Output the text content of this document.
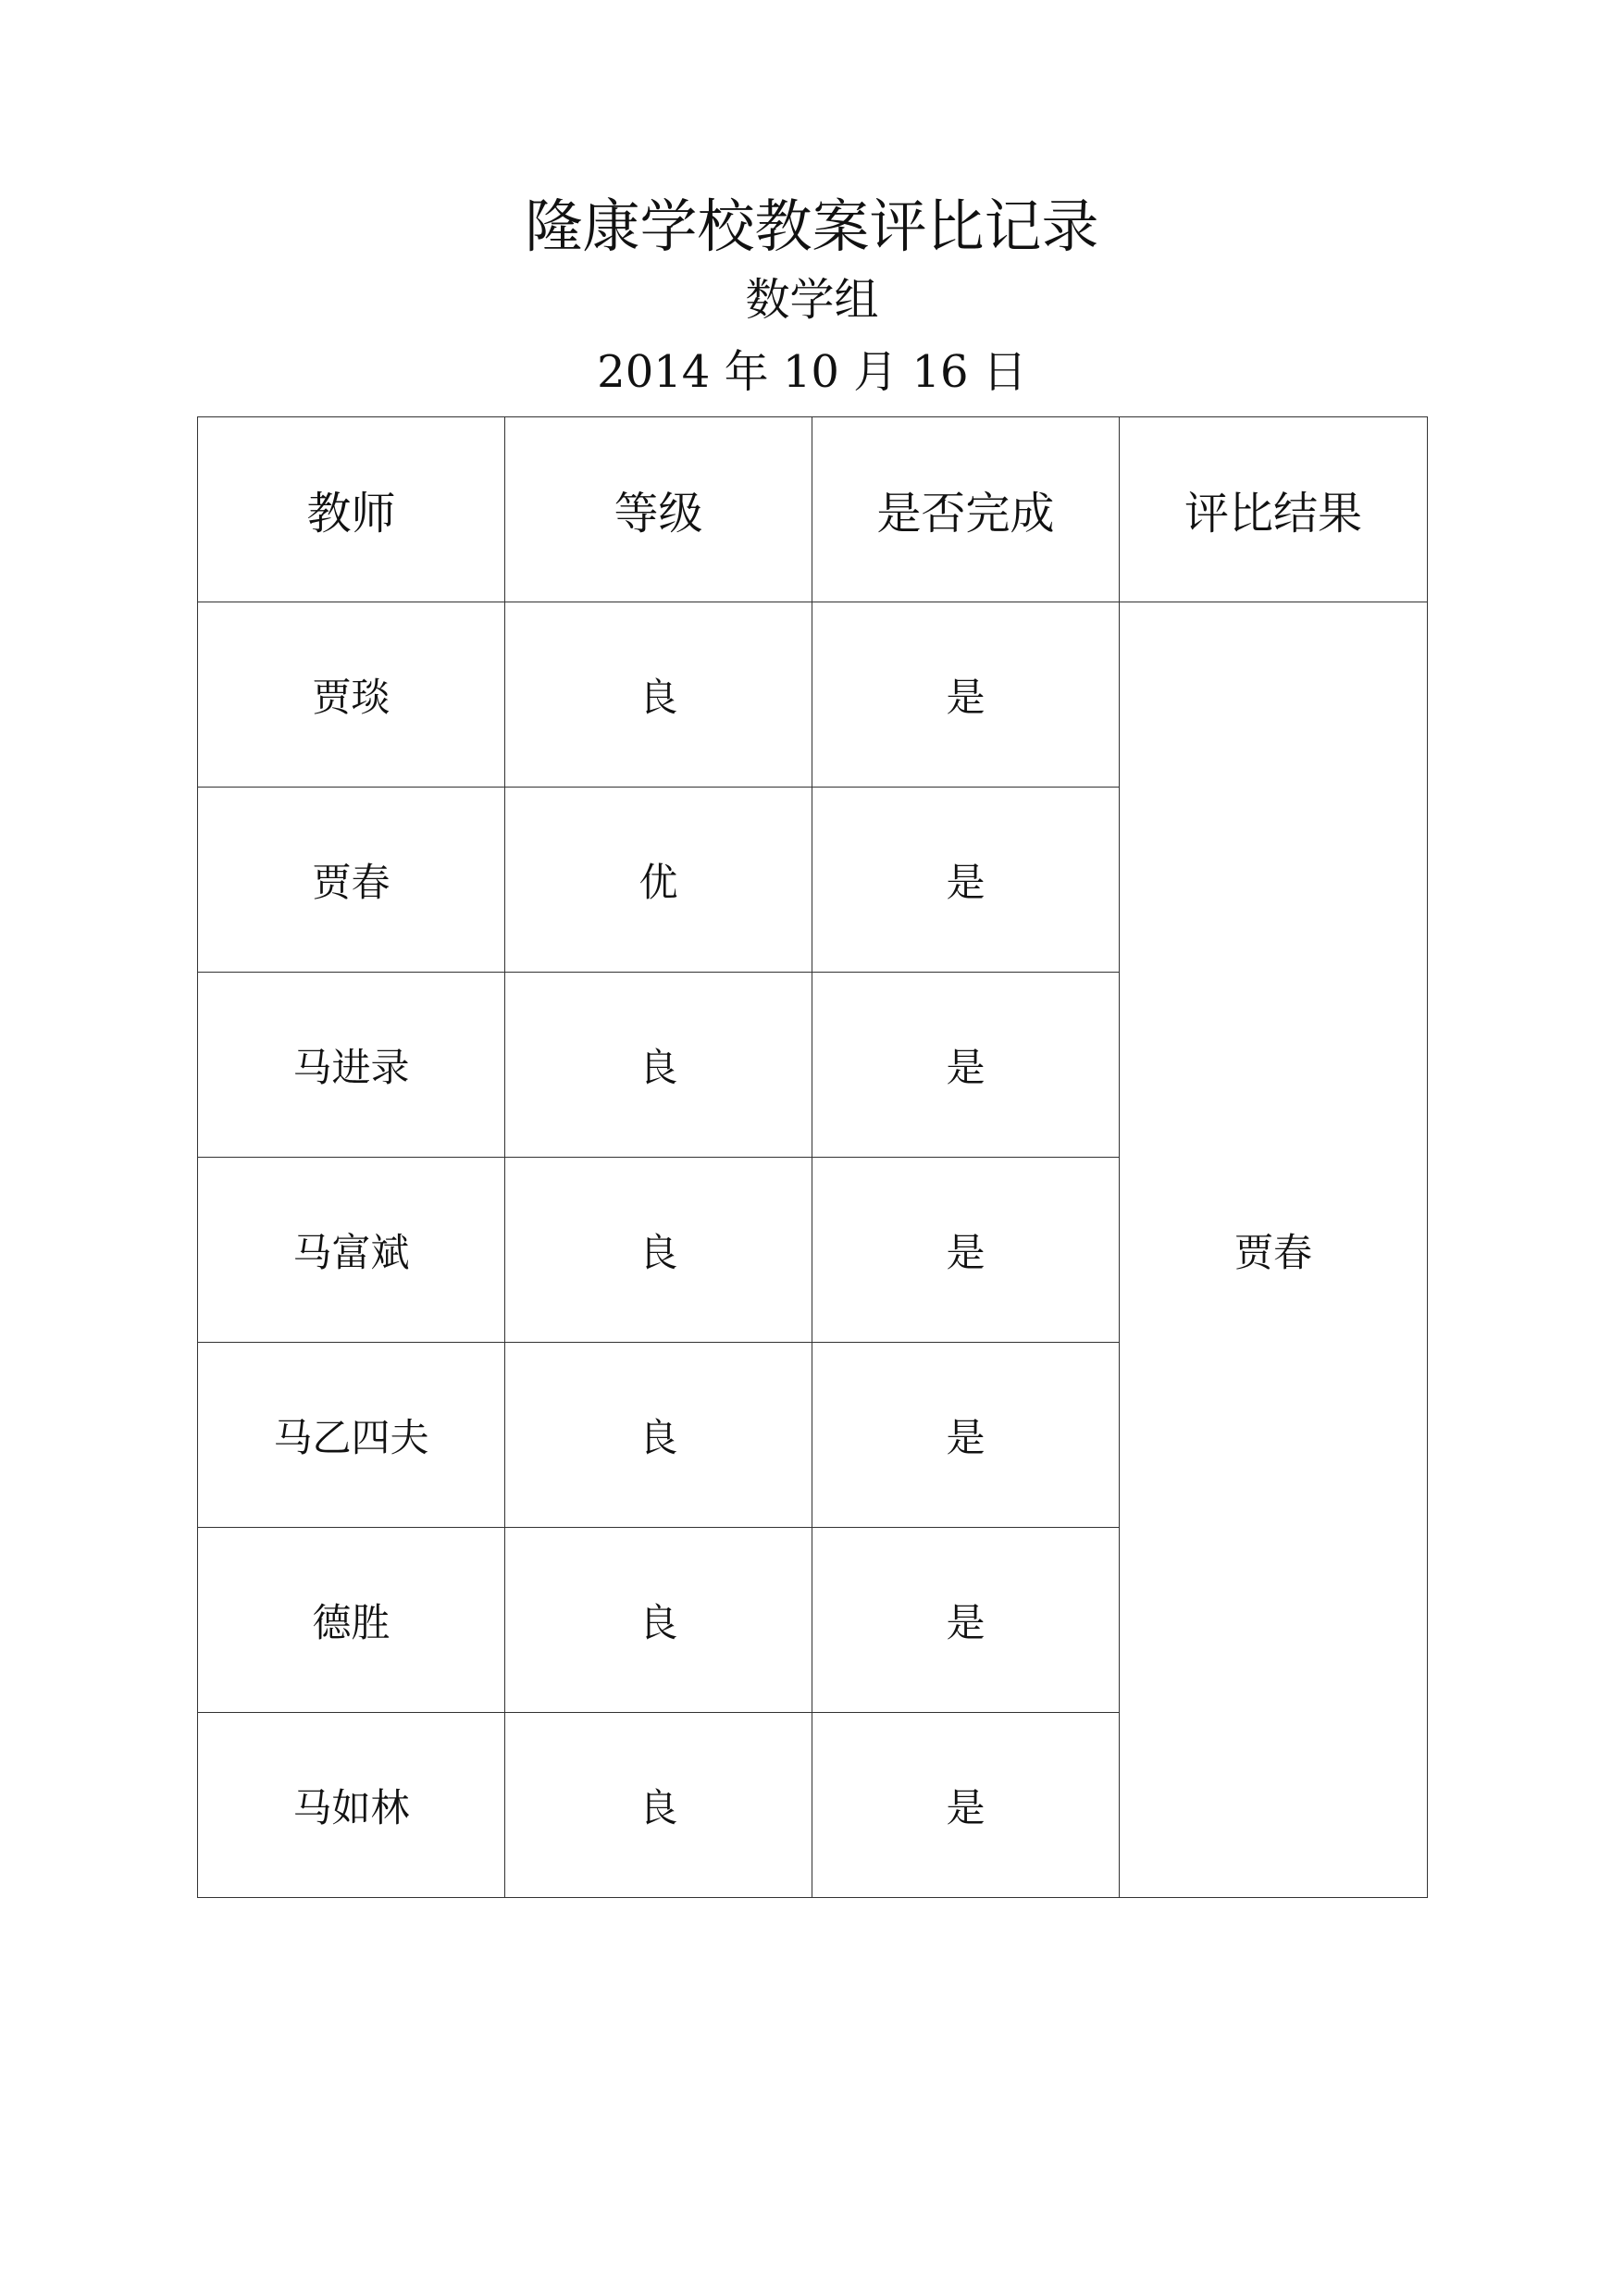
隆康学校教案评比记录
数学组
2014 年 10 月 16 日
教师	等级	是否完成	评比结果
贾琰	良	是	贾春
贾春	优	是	
马进录	良	是	
马富斌	良	是	
马乙四夫	良	是	
德胜	良	是	
马如林	良	是	
